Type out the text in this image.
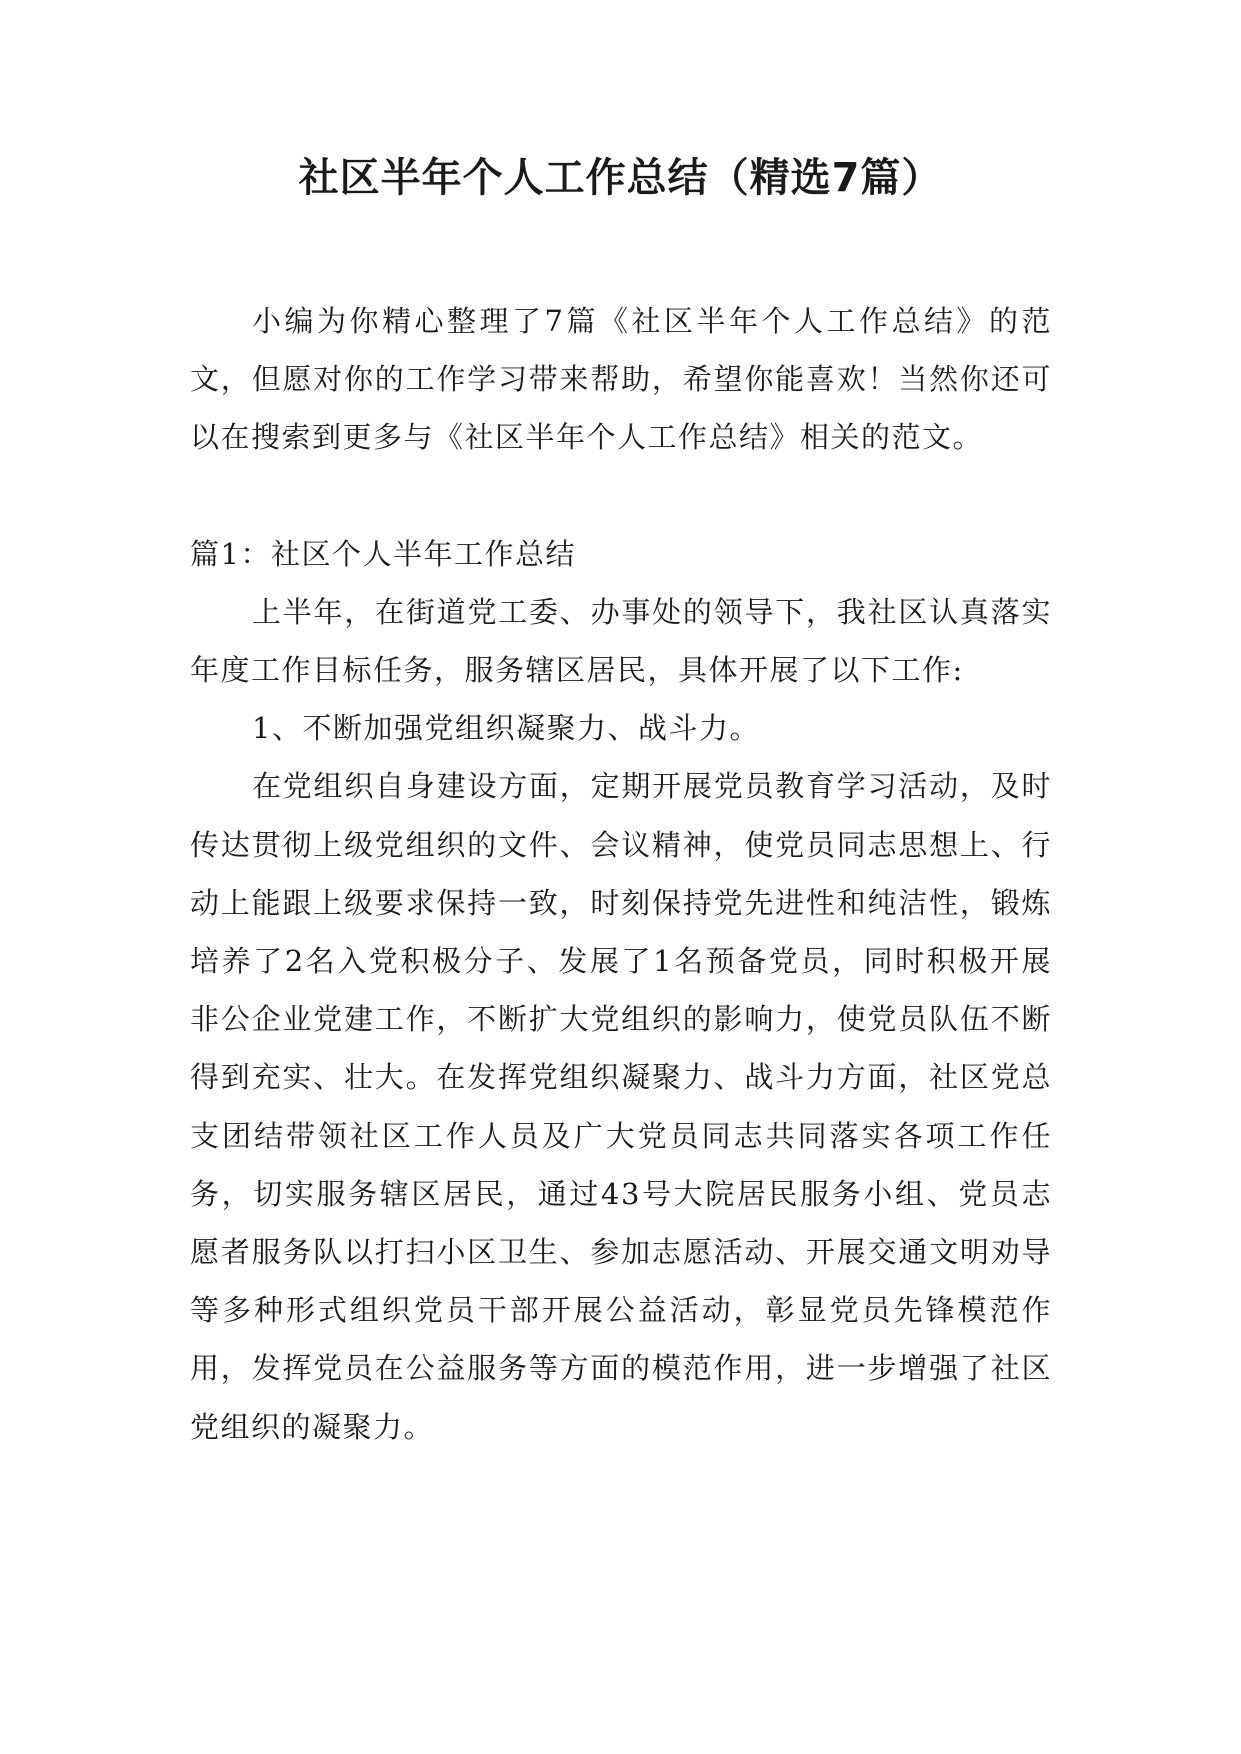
社区半年个人工作总结（精选7篇）

小编为你精心整理了7篇《社区半年个人工作总结》的范文，但愿对你的工作学习带来帮助，希望你能喜欢！当然你还可以在搜索到更多与《社区半年个人工作总结》相关的范文。

篇1：社区个人半年工作总结

上半年，在街道党工委、办事处的领导下，我社区认真落实年度工作目标任务，服务辖区居民，具体开展了以下工作:

1、不断加强党组织凝聚力、战斗力。

在党组织自身建设方面，定期开展党员教育学习活动，及时传达贯彻上级党组织的文件、会议精神，使党员同志思想上、行动上能跟上级要求保持一致，时刻保持党先进性和纯洁性，锻炼培养了2名入党积极分子、发展了1名预备党员，同时积极开展非公企业党建工作，不断扩大党组织的影响力，使党员队伍不断得到充实、壮大。在发挥党组织凝聚力、战斗力方面，社区党总支团结带领社区工作人员及广大党员同志共同落实各项工作任务，切实服务辖区居民，通过43号大院居民服务小组、党员志愿者服务队以打扫小区卫生、参加志愿活动、开展交通文明劝导等多种形式组织党员干部开展公益活动，彰显党员先锋模范作用，发挥党员在公益服务等方面的模范作用，进一步增强了社区党组织的凝聚力。
